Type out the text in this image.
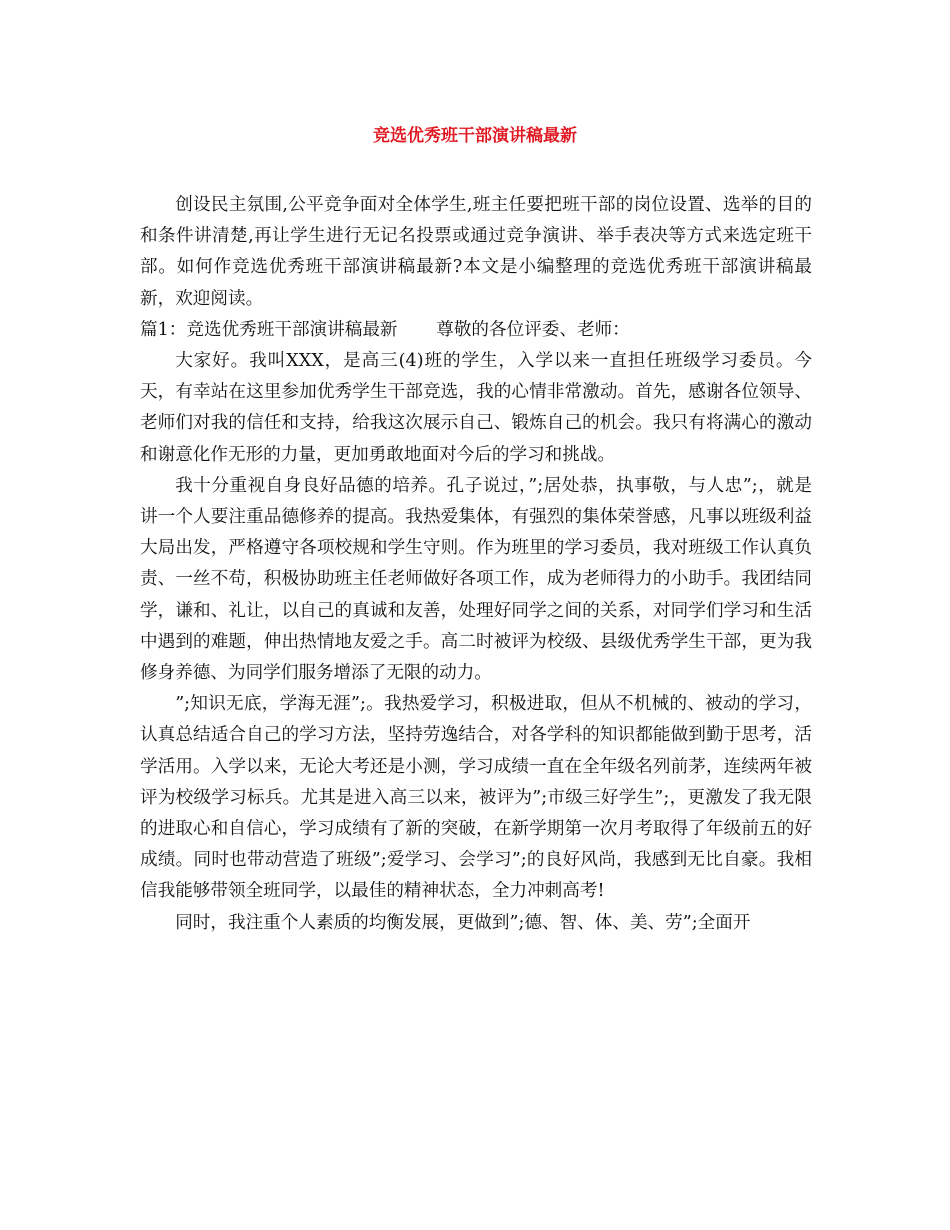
竞选优秀班干部演讲稿最新

创设民主氛围,公平竞争面对全体学生,班主任要把班干部的岗位设置、选举的目的和条件讲清楚,再让学生进行无记名投票或通过竞争演讲、举手表决等方式来选定班干部。如何作竞选优秀班干部演讲稿最新?本文是小编整理的竞选优秀班干部演讲稿最新，欢迎阅读。

篇1：竞选优秀班干部演讲稿最新 尊敬的各位评委、老师：

大家好。我叫XXX，是高三(4)班的学生，入学以来一直担任班级学习委员。今天，有幸站在这里参加优秀学生干部竞选，我的心情非常激动。首先，感谢各位领导、老师们对我的信任和支持，给我这次展示自己、锻炼自己的机会。我只有将满心的激动和谢意化作无形的力量，更加勇敢地面对今后的学习和挑战。

我十分重视自身良好品德的培养。孔子说过，”;居处恭，执事敬，与人忠”;，就是讲一个人要注重品德修养的提高。我热爱集体，有强烈的集体荣誉感，凡事以班级利益大局出发，严格遵守各项校规和学生守则。作为班里的学习委员，我对班级工作认真负责、一丝不苟，积极协助班主任老师做好各项工作，成为老师得力的小助手。我团结同学，谦和、礼让，以自己的真诚和友善，处理好同学之间的关系，对同学们学习和生活中遇到的难题，伸出热情地友爱之手。高二时被评为校级、县级优秀学生干部，更为我修身养德、为同学们服务增添了无限的动力。

”;知识无底，学海无涯”;。我热爱学习，积极进取，但从不机械的、被动的学习，认真总结适合自己的学习方法，坚持劳逸结合，对各学科的知识都能做到勤于思考，活学活用。入学以来，无论大考还是小测，学习成绩一直在全年级名列前茅，连续两年被评为校级学习标兵。尤其是进入高三以来，被评为”;市级三好学生”;，更激发了我无限的进取心和自信心，学习成绩有了新的突破，在新学期第一次月考取得了年级前五的好成绩。同时也带动营造了班级”;爱学习、会学习”;的良好风尚，我感到无比自豪。我相信我能够带领全班同学，以最佳的精神状态，全力冲刺高考!

同时，我注重个人素质的均衡发展，更做到”;德、智、体、美、劳”;全面开
